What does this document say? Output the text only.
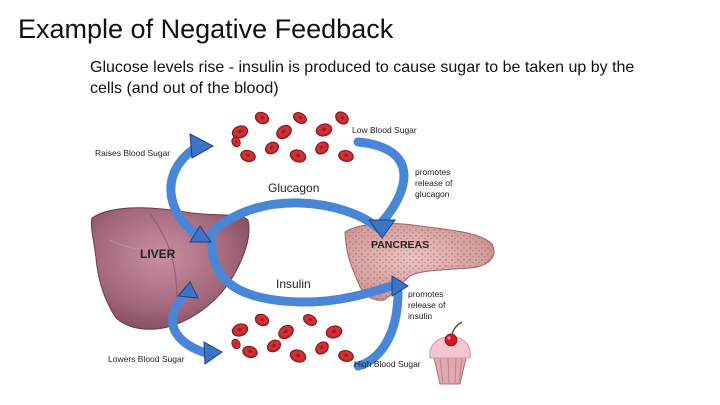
Example of Negative Feedback
Glucose levels rise - insulin is produced to cause sugar to be taken up by the cells (and out of the blood)
Low Blood Sugar
Raises Blood Sugar
Glucagon
promotes
release of
glucagon
LIVER
PANCREAS
Insulin
promotes
release of
insulin
Lowers Blood Sugar	High Blood Sugar
